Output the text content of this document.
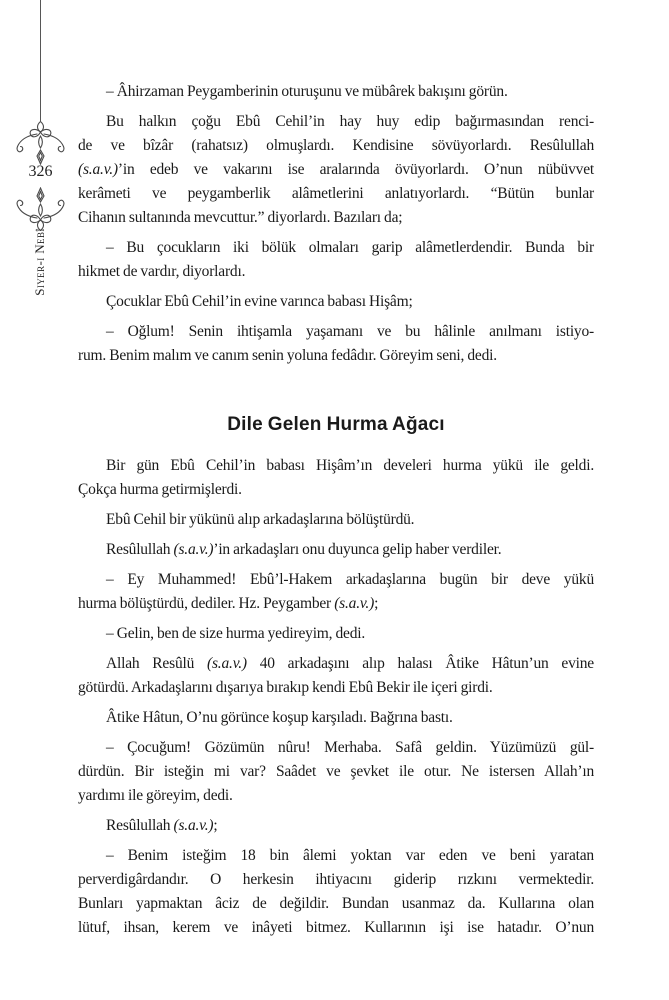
326
Siyer-i Nebî
– Âhirzaman Peygamberinin oturuşunu ve mübârek bakışını görün.
Bu halkın çoğu Ebû Cehil’in hay huy edip bağırmasından renci-
de ve bîzâr (rahatsız) olmuşlardı. Kendisine sövüyorlardı. Resûlullah
(s.a.v.)’in edeb ve vakarını ise aralarında övüyorlardı. O’nun nübüvvet
kerâmeti ve peygamberlik alâmetlerini anlatıyorlardı. “Bütün bunlar
Cihanın sultanında mevcuttur.” diyorlardı. Bazıları da;
– Bu çocukların iki bölük olmaları garip alâmetlerdendir. Bunda bir
hikmet de vardır, diyorlardı.
Çocuklar Ebû Cehil’in evine varınca babası Hişâm;
– Oğlum! Senin ihtişamla yaşamanı ve bu hâlinle anılmanı istiyo-
rum. Benim malım ve canım senin yoluna fedâdır. Göreyim seni, dedi.
Dile Gelen Hurma Ağacı
Bir gün Ebû Cehil’in babası Hişâm’ın develeri hurma yükü ile geldi.
Çokça hurma getirmişlerdi.
Ebû Cehil bir yükünü alıp arkadaşlarına bölüştürdü.
Resûlullah (s.a.v.)’in arkadaşları onu duyunca gelip haber verdiler.
– Ey Muhammed! Ebû’l-Hakem arkadaşlarına bugün bir deve yükü
hurma bölüştürdü, dediler. Hz. Peygamber (s.a.v.);
– Gelin, ben de size hurma yedireyim, dedi.
Allah Resûlü (s.a.v.) 40 arkadaşını alıp halası Âtike Hâtun’un evine
götürdü. Arkadaşlarını dışarıya bırakıp kendi Ebû Bekir ile içeri girdi.
Âtike Hâtun, O’nu görünce koşup karşıladı. Bağrına bastı.
– Çocuğum! Gözümün nûru! Merhaba. Safâ geldin. Yüzümüzü gül-
dürdün. Bir isteğin mi var? Saâdet ve şevket ile otur. Ne istersen Allah’ın
yardımı ile göreyim, dedi.
Resûlullah (s.a.v.);
– Benim isteğim 18 bin âlemi yoktan var eden ve beni yaratan
perverdigârdandır. O herkesin ihtiyacını giderip rızkını vermektedir.
Bunları yapmaktan âciz de değildir. Bundan usanmaz da. Kullarına olan
lütuf, ihsan, kerem ve inâyeti bitmez. Kullarının işi ise hatadır. O’nun
